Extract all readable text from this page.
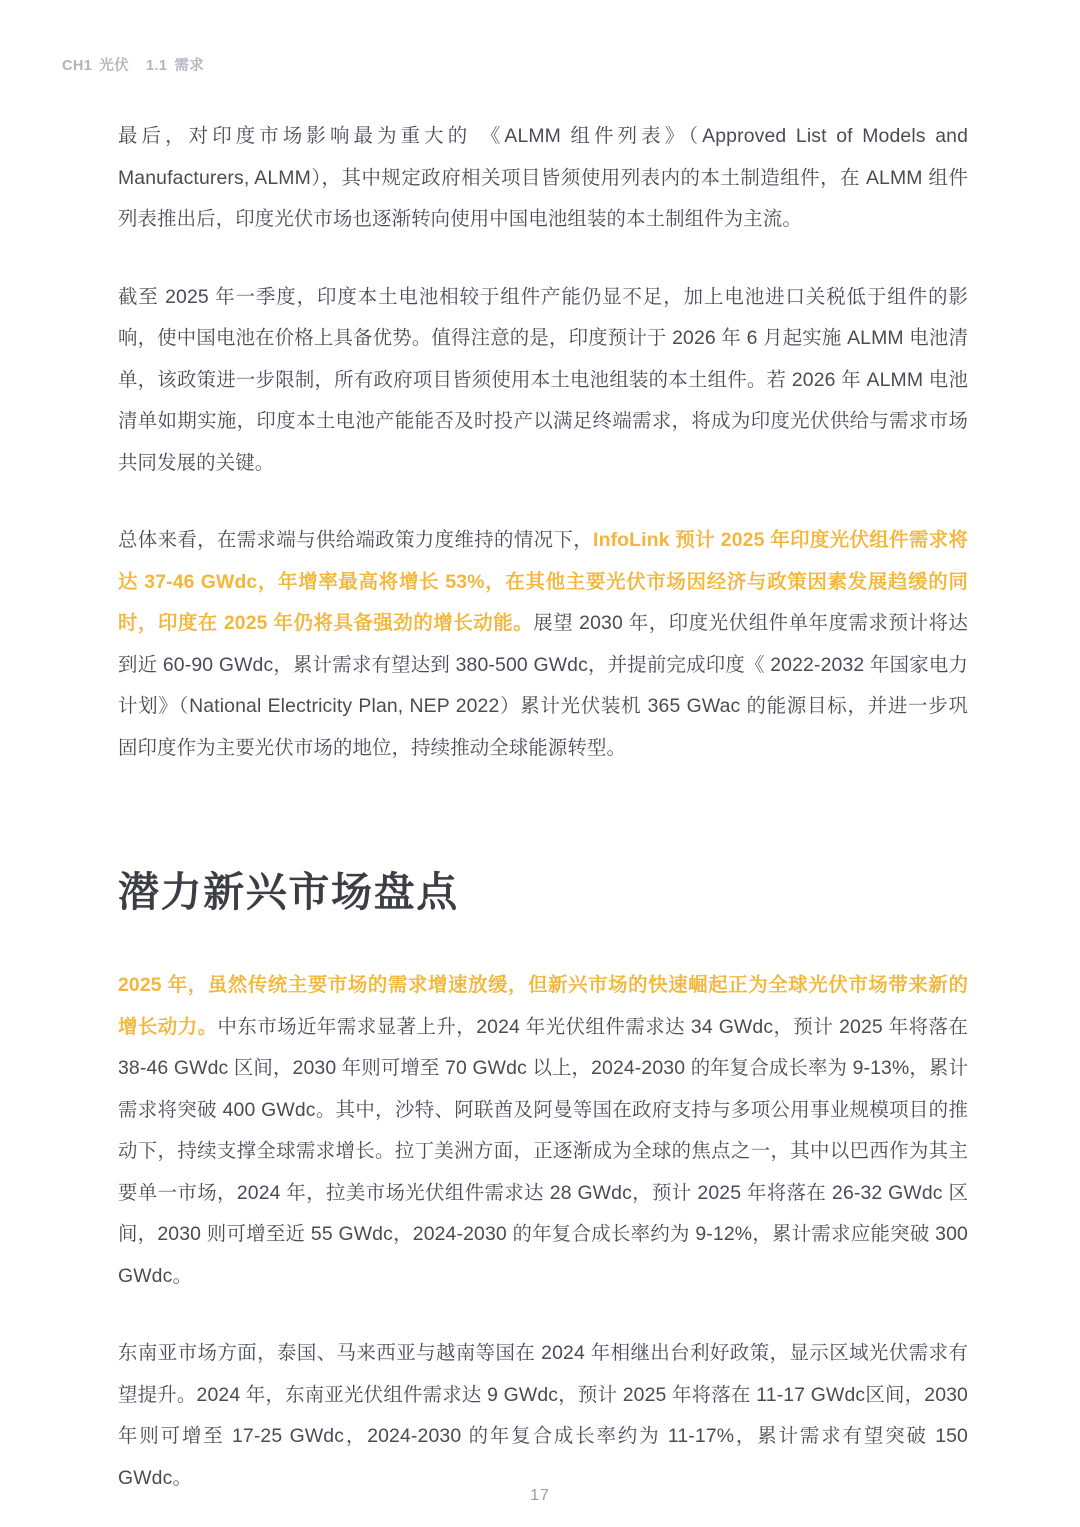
CH1 光伏 1.1 需求

最后，对印度市场影响最为重大的 《ALMM 组件列表》（Approved List of Models and Manufacturers, ALMM），其中规定政府相关项目皆须使用列表内的本土制造组件，在 ALMM 组件列表推出后，印度光伏市场也逐渐转向使用中国电池组装的本土制组件为主流。

截至 2025 年一季度，印度本土电池相较于组件产能仍显不足，加上电池进口关税低于组件的影响，使中国电池在价格上具备优势。值得注意的是，印度预计于 2026 年 6 月起实施 ALMM 电池清单，该政策进一步限制，所有政府项目皆须使用本土电池组装的本土组件。若 2026 年 ALMM 电池清单如期实施，印度本土电池产能能否及时投产以满足终端需求，将成为印度光伏供给与需求市场共同发展的关键。

总体来看，在需求端与供给端政策力度维持的情况下，InfoLink 预计 2025 年印度光伏组件需求将达 37-46 GWdc，年增率最高将增长 53%，在其他主要光伏市场因经济与政策因素发展趋缓的同时，印度在 2025 年仍将具备强劲的增长动能。展望 2030 年，印度光伏组件单年度需求预计将达到近 60-90 GWdc，累计需求有望达到 380-500 GWdc，并提前完成印度《 2022-2032 年国家电力计划》（National Electricity Plan, NEP 2022）累计光伏装机 365 GWac 的能源目标，并进一步巩固印度作为主要光伏市场的地位，持续推动全球能源转型。

潜力新兴市场盘点

2025 年，虽然传统主要市场的需求增速放缓，但新兴市场的快速崛起正为全球光伏市场带来新的增长动力。中东市场近年需求显著上升，2024 年光伏组件需求达 34 GWdc，预计 2025 年将落在 38-46 GWdc 区间，2030 年则可增至 70 GWdc 以上，2024-2030 的年复合成长率为 9-13%，累计需求将突破 400 GWdc。其中，沙特、阿联酋及阿曼等国在政府支持与多项公用事业规模项目的推动下，持续支撑全球需求增长。拉丁美洲方面，正逐渐成为全球的焦点之一，其中以巴西作为其主要单一市场，2024 年，拉美市场光伏组件需求达 28 GWdc，预计 2025 年将落在 26-32 GWdc 区间，2030 则可增至近 55 GWdc，2024-2030 的年复合成长率约为 9-12%，累计需求应能突破 300 GWdc。

东南亚市场方面，泰国、马来西亚与越南等国在 2024 年相继出台利好政策，显示区域光伏需求有望提升。2024 年，东南亚光伏组件需求达 9 GWdc，预计 2025 年将落在 11-17 GWdc区间，2030 年则可增至 17-25 GWdc，2024-2030 的年复合成长率约为 11-17%，累计需求有望突破 150 GWdc。

17
